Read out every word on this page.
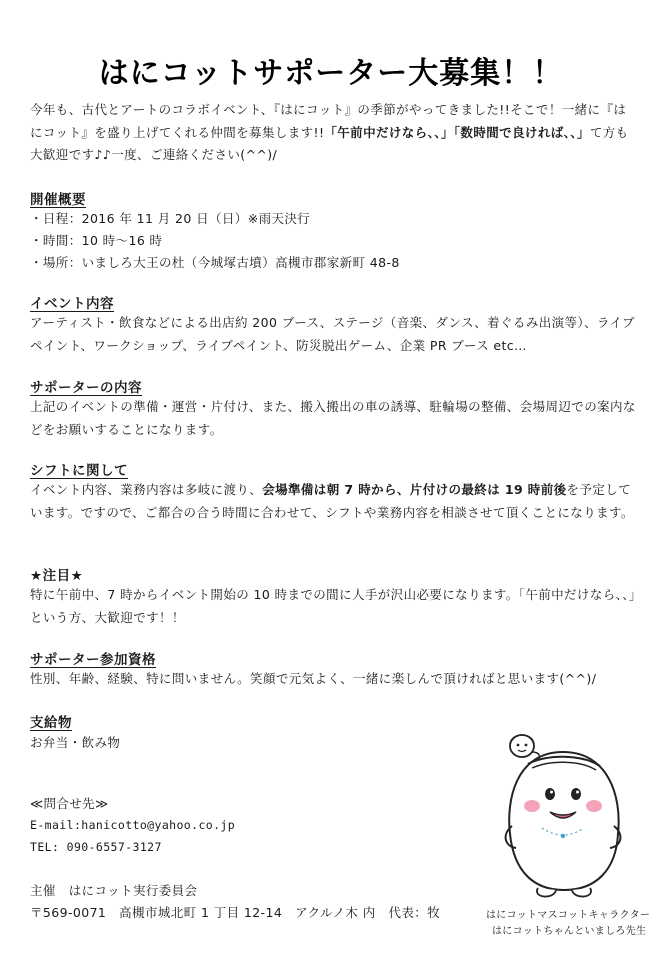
はにコットサポーター大募集！！
今年も、古代とアートのコラボイベント、『はにコット』の季節がやってきました!!そこで！一緒に『はにコット』を盛り上げてくれる仲間を募集します!!「午前中だけなら、、」「数時間で良ければ、、」て方も大歓迎です♪♪一度、ご連絡ください(^^)/
開催概要
・日程：2016 年 11 月 20 日（日）※雨天決行
・時間：10 時〜16 時
・場所：いましろ大王の杜（今城塚古墳）高槻市郡家新町 48-8
イベント内容
アーティスト・飲食などによる出店約 200 ブース、ステージ（音楽、ダンス、着ぐるみ出演等）、ライブペイント、ワークショップ、ライブペイント、防災脱出ゲーム、企業 PR ブース etc…
サポーターの内容
上記のイベントの準備・運営・片付け、また、搬入搬出の車の誘導、駐輪場の整備、会場周辺での案内などをお願いすることになります。
シフトに関して
イベント内容、業務内容は多岐に渡り、会場準備は朝 7 時から、片付けの最終は 19 時前後を予定しています。ですので、ご都合の合う時間に合わせて、シフトや業務内容を相談させて頂くことになります。
★注目★
特に午前中、7 時からイベント開始の 10 時までの間に人手が沢山必要になります。「午前中だけなら、、」という方、大歓迎です！！
サポーター参加資格
性別、年齢、経験、特に問いません。笑顔で元気よく、一緒に楽しんで頂ければと思います(^^)/
支給物
お弁当・飲み物
≪問合せ先≫
E-mail:hanicotto@yahoo.co.jp
TEL: 090-6557-3127
主催　はにコット実行委員会
〒569-0071　高槻市城北町 1 丁目 12-14　アクルノ木 内　代表：牧	はにコットマスコットキャラクター
はにコットちゃんといましろ先生
